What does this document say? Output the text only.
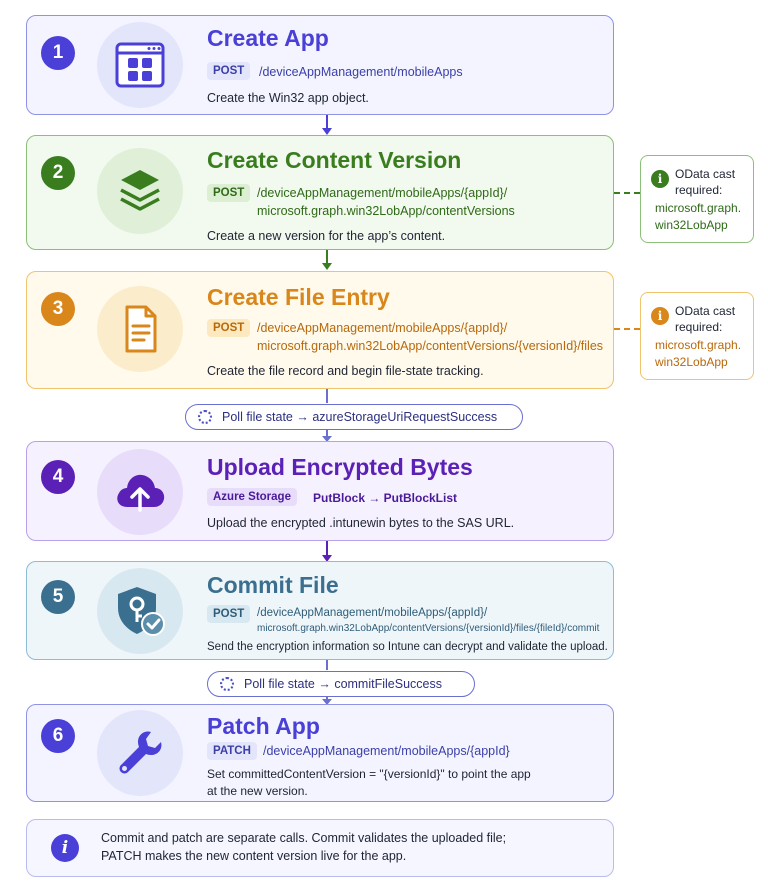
1
Create App
POST	/deviceAppManagement/mobileApps
Create the Win32 app object.
2	Create Content Version
POST	/deviceAppManagement/mobileApps/{appId}/
microsoft.graph.win32LobApp/contentVersions
Create a new version for the app’s content.
3	Create File Entry
POST	/deviceAppManagement/mobileApps/{appId}/
microsoft.graph.win32LobApp/contentVersions/{versionId}/files
Create the file record and begin file-state tracking.
Poll file state → azureStorageUriRequestSuccess
4	Upload Encrypted Bytes
Azure Storage	PutBlock → PutBlockList
Upload the encrypted .intunewin bytes to the SAS URL.
5	Commit File
POST	/deviceAppManagement/mobileApps/{appId}/
microsoft.graph.win32LobApp/contentVersions/{versionId}/files/{fileId}/commit
Send the encryption information so Intune can decrypt and validate the upload.
Poll file state → commitFileSuccess
6	Patch App
PATCH /deviceAppManagement/mobileApps/{appId}
Set committedContentVersion = "{versionId}" to point the app
at the new version.
i	OData cast
required:
microsoft.graph.
win32LobApp
i	OData cast
required:
microsoft.graph.
win32LobApp
i	Commit and patch are separate calls. Commit validates the uploaded file;
PATCH makes the new content version live for the app.
